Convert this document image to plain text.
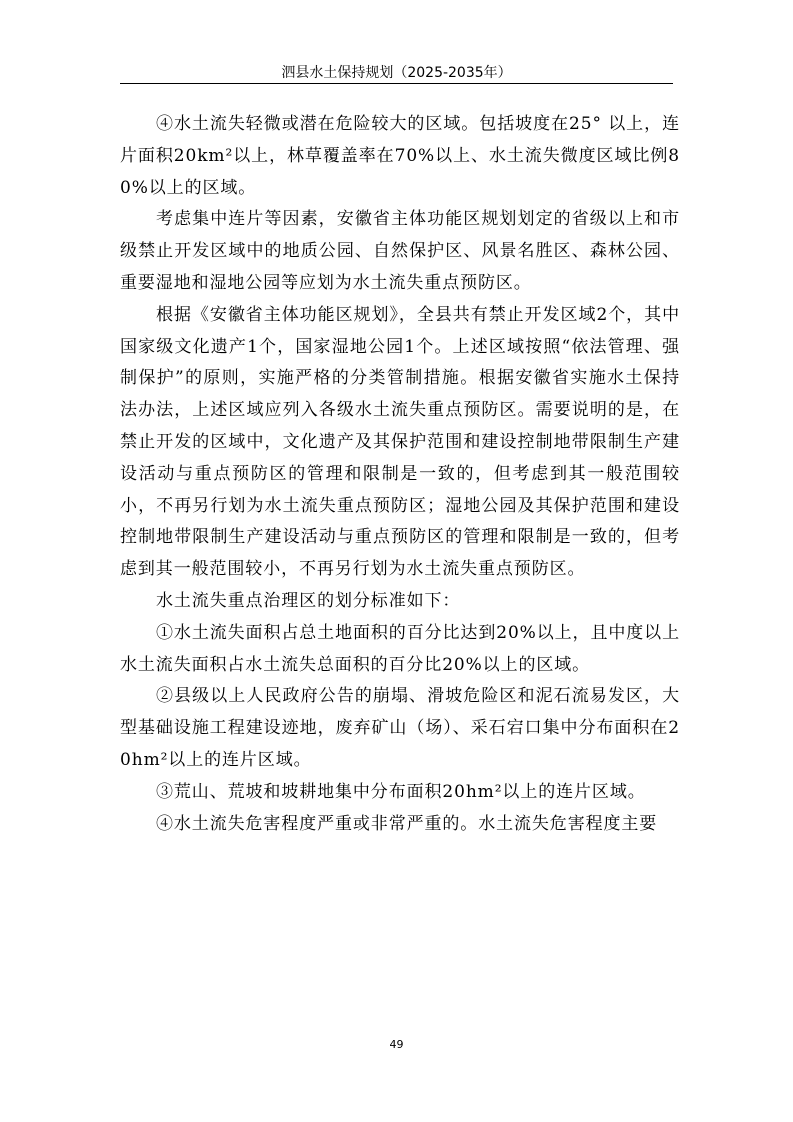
泗县水土保持规划（2025-2035年）

④水土流失轻微或潜在危险较大的区域。包括坡度在25° 以上，连片面积20km²以上，林草覆盖率在70%以上、水土流失微度区域比例80%以上的区域。

考虑集中连片等因素，安徽省主体功能区规划划定的省级以上和市级禁止开发区域中的地质公园、自然保护区、风景名胜区、森林公园、重要湿地和湿地公园等应划为水土流失重点预防区。

根据《安徽省主体功能区规划》，全县共有禁止开发区域2个，其中国家级文化遗产1个，国家湿地公园1个。上述区域按照“依法管理、强制保护”的原则，实施严格的分类管制措施。根据安徽省实施水土保持法办法，上述区域应列入各级水土流失重点预防区。需要说明的是，在禁止开发的区域中，文化遗产及其保护范围和建设控制地带限制生产建设活动与重点预防区的管理和限制是一致的，但考虑到其一般范围较小，不再另行划为水土流失重点预防区；湿地公园及其保护范围和建设控制地带限制生产建设活动与重点预防区的管理和限制是一致的，但考虑到其一般范围较小，不再另行划为水土流失重点预防区。

水土流失重点治理区的划分标准如下：

①水土流失面积占总土地面积的百分比达到20%以上，且中度以上水土流失面积占水土流失总面积的百分比20%以上的区域。

②县级以上人民政府公告的崩塌、滑坡危险区和泥石流易发区，大 型基础设施工程建设迹地，废弃矿山（场）、采石宕口集中分布面积在20hm²以上的连片区域。

③荒山、荒坡和坡耕地集中分布面积20hm²以上的连片区域。

④水土流失危害程度严重或非常严重的。水土流失危害程度主要

49
